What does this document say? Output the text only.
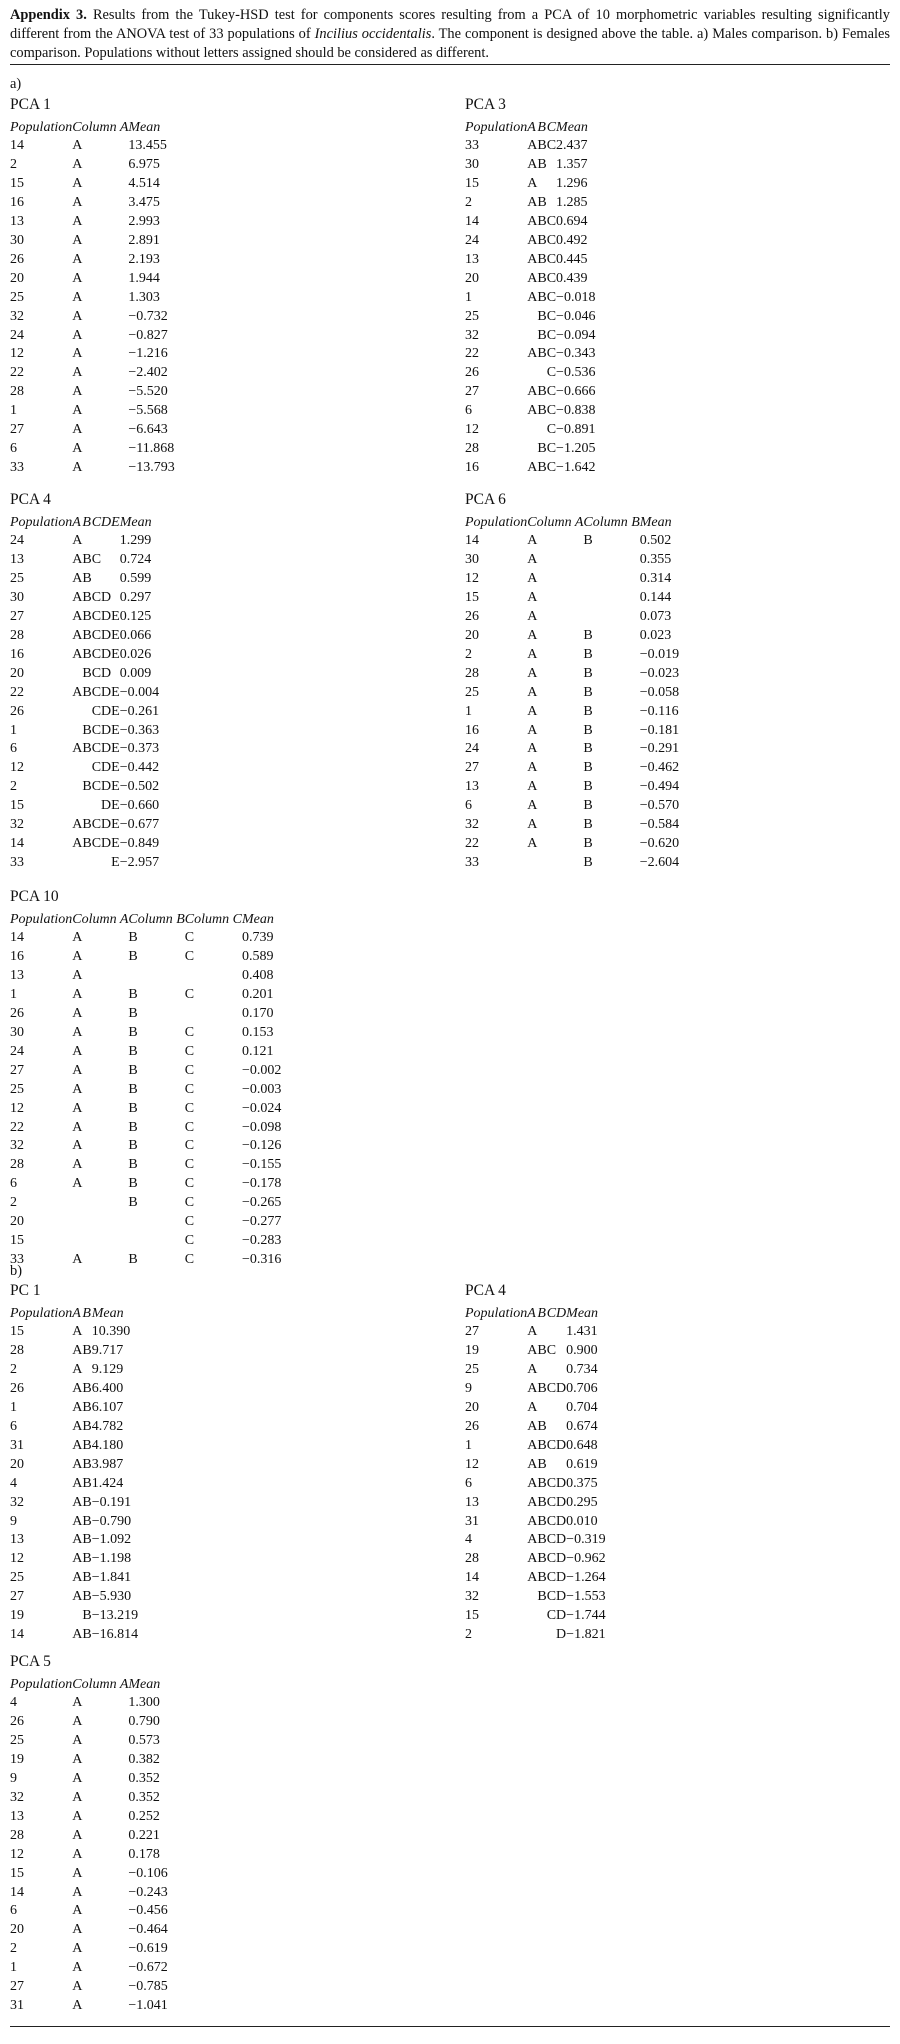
Appendix 3. Results from the Tukey-HSD test for components scores resulting from a PCA of 10 morphometric variables resulting significantly different from the ANOVA test of 33 populations of Incilius occidentalis. The component is designed above the table. a) Males comparison. b) Females comparison. Populations without letters assigned should be considered as different.
a)
PCA 1
	Population	Column A	Mean
	14	A	13.455
	2	A	6.975
	15	A	4.514
	16	A	3.475
	13	A	2.993
	30	A	2.891
	26	A	2.193
	20	A	1.944
	25	A	1.303
	32	A	−0.732
	24	A	−0.827
	12	A	−1.216
	22	A	−2.402
	28	A	−5.520
	1	A	−5.568
	27	A	−6.643
	6	A	−11.868
	33	A	−13.793
PCA 3
	Population	A	B	C	Mean
	33	A	B	C	2.437
	30	A	B		1.357
	15	A			1.296
	2	A	B		1.285
	14	A	B	C	0.694
	24	A	B	C	0.492
	13	A	B	C	0.445
	20	A	B	C	0.439
	1	A	B	C	−0.018
	25		B	C	−0.046
	32		B	C	−0.094
	22	A	B	C	−0.343
	26			C	−0.536
	27	A	B	C	−0.666
	6	A	B	C	−0.838
	12			C	−0.891
	28		B	C	−1.205
	16	A	B	C	−1.642
PCA 4
	Population	A	B	C	D	E	Mean
	24	A					1.299
	13	A	B	C			0.724
	25	A	B				0.599
	30	A	B	C	D		0.297
	27	A	B	C	D	E	0.125
	28	A	B	C	D	E	0.066
	16	A	B	C	D	E	0.026
	20		B	C	D		0.009
	22	A	B	C	D	E	−0.004
	26			C	D	E	−0.261
	1		B	C	D	E	−0.363
	6	A	B	C	D	E	−0.373
	12			C	D	E	−0.442
	2		B	C	D	E	−0.502
	15				D	E	−0.660
	32	A	B	C	D	E	−0.677
	14	A	B	C	D	E	−0.849
	33					E	−2.957
PCA 6
	Population	Column A	Column B	Mean
	14	A	B	0.502
	30	A		0.355
	12	A		0.314
	15	A		0.144
	26	A		0.073
	20	A	B	0.023
	2	A	B	−0.019
	28	A	B	−0.023
	25	A	B	−0.058
	1	A	B	−0.116
	16	A	B	−0.181
	24	A	B	−0.291
	27	A	B	−0.462
	13	A	B	−0.494
	6	A	B	−0.570
	32	A	B	−0.584
	22	A	B	−0.620
	33		B	−2.604
PCA 10
	Population	Column A	Column B	Column C	Mean
	14	A	B	C	0.739
	16	A	B	C	0.589
	13	A			0.408
	1	A	B	C	0.201
	26	A	B		0.170
	30	A	B	C	0.153
	24	A	B	C	0.121
	27	A	B	C	−0.002
	25	A	B	C	−0.003
	12	A	B	C	−0.024
	22	A	B	C	−0.098
	32	A	B	C	−0.126
	28	A	B	C	−0.155
	6	A	B	C	−0.178
	2		B	C	−0.265
	20			C	−0.277
	15			C	−0.283
	33	A	B	C	−0.316
b)
PC 1
	Population	A	B	Mean
	15	A		10.390
	28	A	B	9.717
	2	A		9.129
	26	A	B	6.400
	1	A	B	6.107
	6	A	B	4.782
	31	A	B	4.180
	20	A	B	3.987
	4	A	B	1.424
	32	A	B	−0.191
	9	A	B	−0.790
	13	A	B	−1.092
	12	A	B	−1.198
	25	A	B	−1.841
	27	A	B	−5.930
	19		B	−13.219
	14	A	B	−16.814
PCA 4
	Population	A	B	C	D	Mean
	27	A				1.431
	19	A	B	C		0.900
	25	A				0.734
	9	A	B	C	D	0.706
	20	A				0.704
	26	A	B			0.674
	1	A	B	C	D	0.648
	12	A	B			0.619
	6	A	B	C	D	0.375
	13	A	B	C	D	0.295
	31	A	B	C	D	0.010
	4	A	B	C	D	−0.319
	28	A	B	C	D	−0.962
	14	A	B	C	D	−1.264
	32		B	C	D	−1.553
	15			C	D	−1.744
	2				D	−1.821
PCA 5
	Population	Column A	Mean
	4	A	1.300
	26	A	0.790
	25	A	0.573
	19	A	0.382
	9	A	0.352
	32	A	0.352
	13	A	0.252
	28	A	0.221
	12	A	0.178
	15	A	−0.106
	14	A	−0.243
	6	A	−0.456
	20	A	−0.464
	2	A	−0.619
	1	A	−0.672
	27	A	−0.785
	31	A	−1.041
